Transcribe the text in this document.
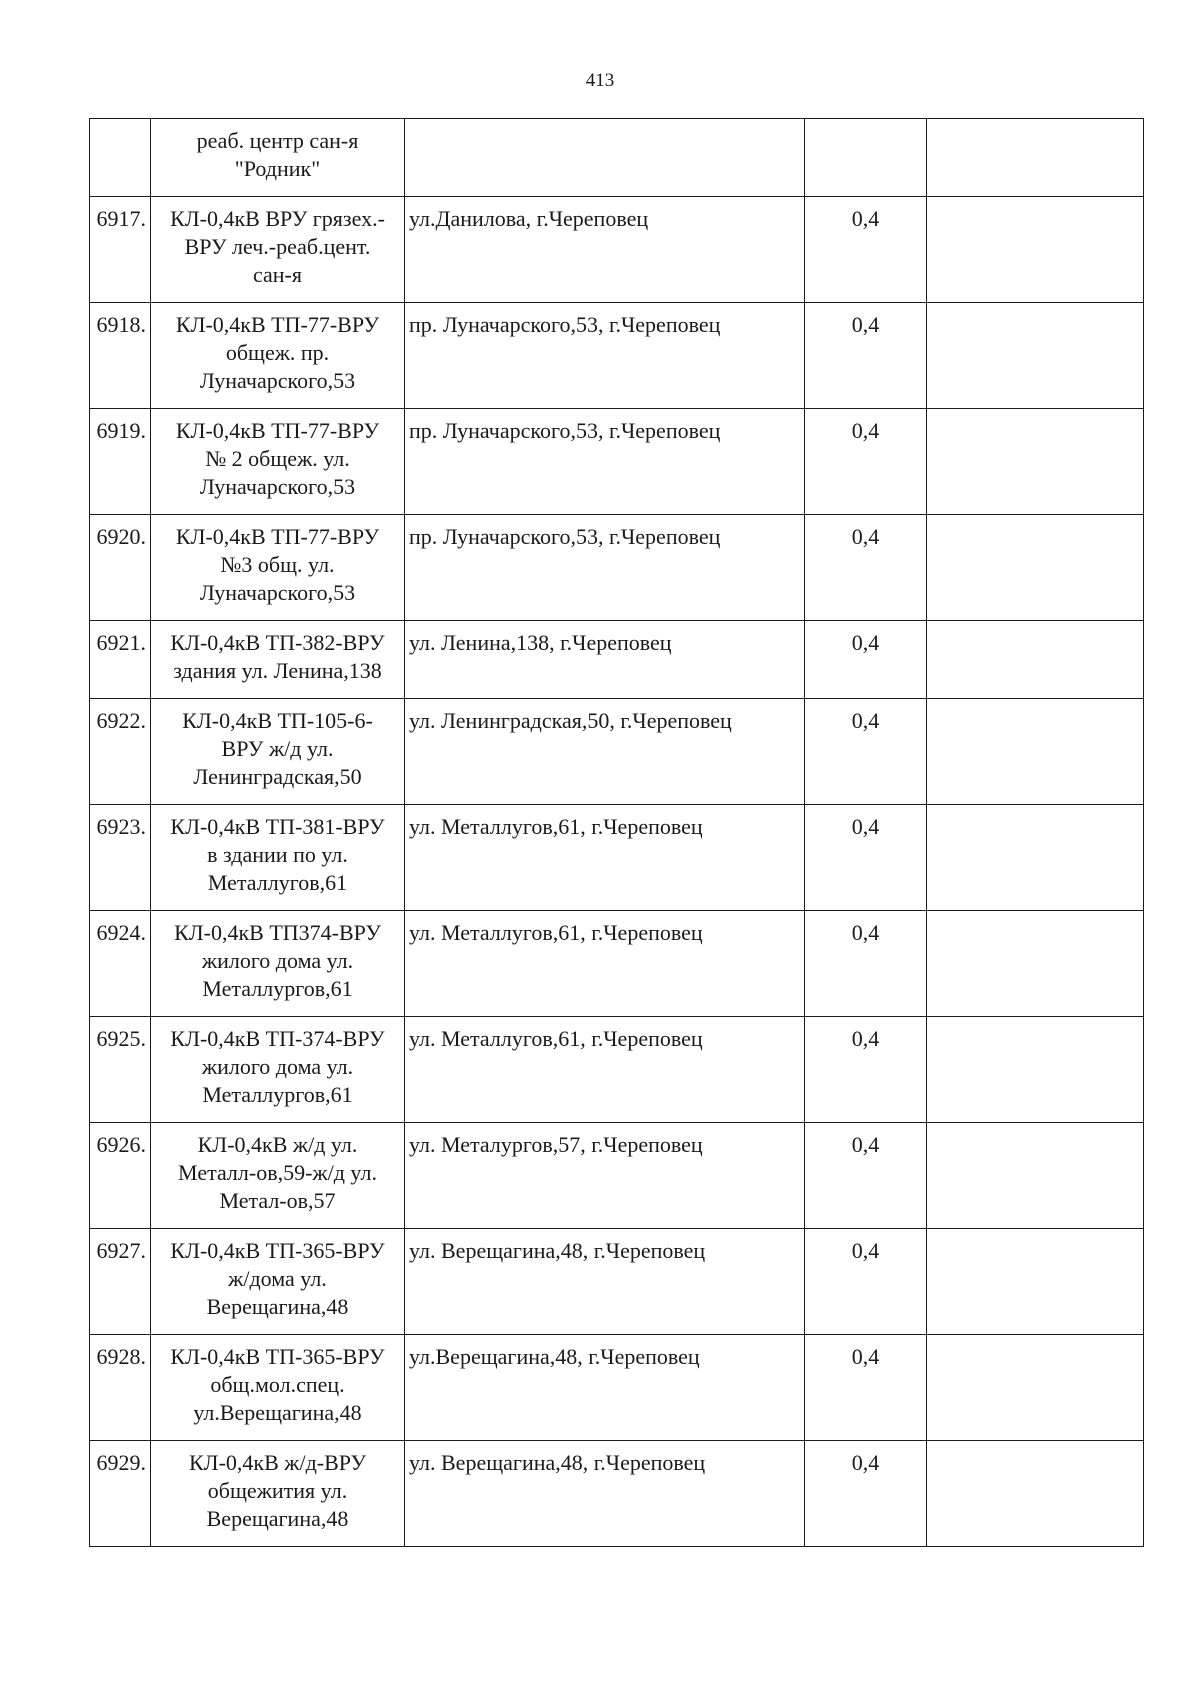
413

	реаб. центр сан-я
"Родник"			

6917.	КЛ-0,4кВ ВРУ грязех.-
ВРУ леч.-реаб.цент.
сан-я	ул.Данилова, г.Череповец	0,4	
6918.	КЛ-0,4кВ ТП-77-ВРУ
общеж. пр.
Луначарского,53	пр. Луначарского,53, г.Череповец	0,4	
6919.	КЛ-0,4кВ ТП-77-ВРУ
№ 2 общеж. ул.
Луначарского,53	пр. Луначарского,53, г.Череповец	0,4	
6920.	КЛ-0,4кВ ТП-77-ВРУ
№3 общ. ул.
Луначарского,53	пр. Луначарского,53, г.Череповец	0,4	
6921.	КЛ-0,4кВ ТП-382-ВРУ
здания ул. Ленина,138	ул. Ленина,138, г.Череповец	0,4	
6922.	КЛ-0,4кВ ТП-105-6-
ВРУ ж/д ул.
Ленинградская,50	ул. Ленинградская,50, г.Череповец	0,4	
6923.	КЛ-0,4кВ ТП-381-ВРУ
в здании по ул.
Металлугов,61	ул. Металлугов,61, г.Череповец	0,4	
6924.	КЛ-0,4кВ ТП374-ВРУ
жилого дома ул.
Металлургов,61	ул. Металлугов,61, г.Череповец	0,4	
6925.	КЛ-0,4кВ ТП-374-ВРУ
жилого дома ул.
Металлургов,61	ул. Металлугов,61, г.Череповец	0,4	
6926.	КЛ-0,4кВ ж/д ул.
Металл-ов,59-ж/д ул.
Метал-ов,57	ул. Металургов,57, г.Череповец	0,4	
6927.	КЛ-0,4кВ ТП-365-ВРУ
ж/дома ул.
Верещагина,48	ул. Верещагина,48, г.Череповец	0,4	
6928.	КЛ-0,4кВ ТП-365-ВРУ
общ.мол.спец.
ул.Верещагина,48	ул.Верещагина,48, г.Череповец	0,4	
6929.	КЛ-0,4кВ ж/д-ВРУ
общежития ул.
Верещагина,48	ул. Верещагина,48, г.Череповец	0,4	
